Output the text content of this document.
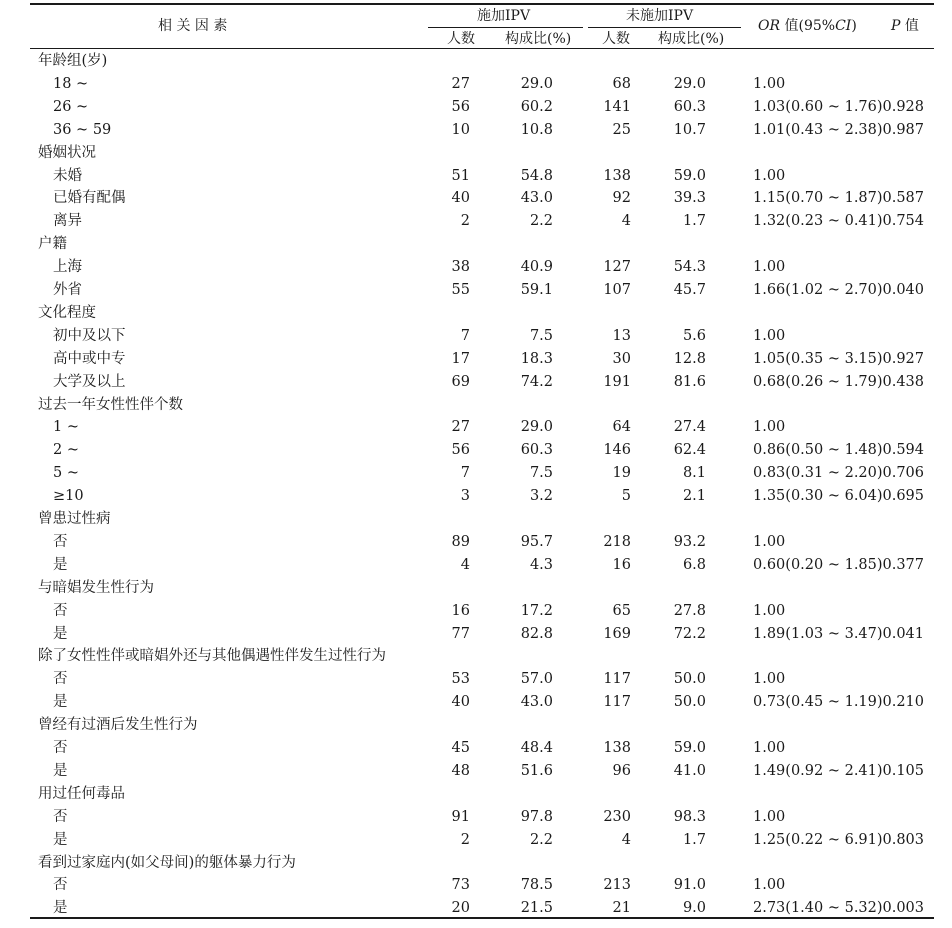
相 关 因 素
施加IPV	未施加IPV
人数 构成比(%) 人数 构成比(%)
OR 值(95%CI) P 值
年龄组(岁)
18 ~	27	29.0	68	29.0	1.00
26 ~	56	60.2	141	60.3	1.03(0.60 ~ 1.76) 0.928
36 ~ 59	10	10.8	25	10.7	1.01(0.43 ~ 2.38) 0.987
婚姻状况
未婚	51	54.8	138	59.0	1.00
已婚有配偶	40	43.0	92	39.3	1.15(0.70 ~ 1.87) 0.587
离异	2	2.2	4	1.7	1.32(0.23 ~ 0.41) 0.754
户籍
上海	38	40.9	127	54.3	1.00
外省	55	59.1	107	45.7	1.66(1.02 ~ 2.70) 0.040
文化程度
初中及以下	7	7.5	13	5.6	1.00
高中或中专	17	18.3	30	12.8	1.05(0.35 ~ 3.15) 0.927
大学及以上	69	74.2	191	81.6	0.68(0.26 ~ 1.79) 0.438
过去一年女性性伴个数
1 ~	27	29.0	64	27.4	1.00
2 ~	56	60.3	146	62.4	0.86(0.50 ~ 1.48) 0.594
5 ~	7	7.5	19	8.1	0.83(0.31 ~ 2.20) 0.706
≥10	3	3.2	5	2.1	1.35(0.30 ~ 6.04) 0.695
曾患过性病
否	89	95.7	218	93.2	1.00
是	4	4.3	16	6.8	0.60(0.20 ~ 1.85) 0.377
与暗娼发生性行为
否	16	17.2	65	27.8	1.00
是	77	82.8	169	72.2	1.89(1.03 ~ 3.47) 0.041
除了女性性伴或暗娼外还与其他偶遇性伴发生过性行为
否	53	57.0	117	50.0	1.00
是	40	43.0	117	50.0	0.73(0.45 ~ 1.19) 0.210
曾经有过酒后发生性行为
否	45	48.4	138	59.0	1.00
是	48	51.6	96	41.0	1.49(0.92 ~ 2.41) 0.105
用过任何毒品
否	91	97.8	230	98.3	1.00
是	2	2.2	4	1.7	1.25(0.22 ~ 6.91) 0.803
看到过家庭内(如父母间)的躯体暴力行为
否	73	78.5	213	91.0	1.00
是	20	21.5	21	9.0	2.73(1.40 ~ 5.32) 0.003
